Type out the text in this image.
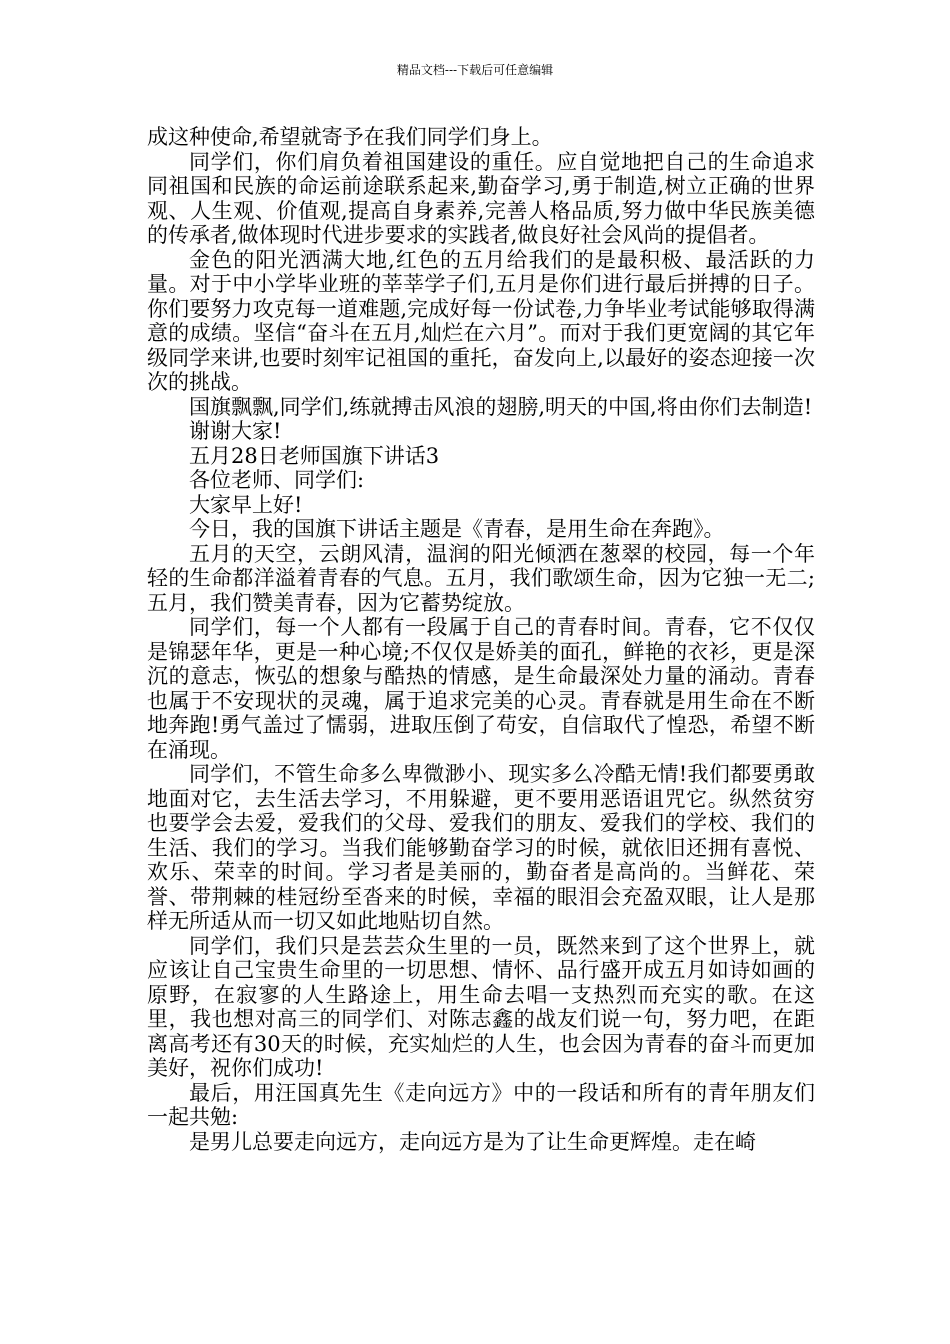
精品文档---下载后可任意编辑

成这种使命,希望就寄予在我们同学们身上。

同学们，你们肩负着祖国建设的重任。应自觉地把自己的生命追求同祖国和民族的命运前途联系起来,勤奋学习,勇于制造,树立正确的世界观、人生观、价值观,提高自身素养,完善人格品质,努力做中华民族美德的传承者,做体现时代进步要求的实践者,做良好社会风尚的提倡者。

金色的阳光洒满大地,红色的五月给我们的是最积极、最活跃的力量。对于中小学毕业班的莘莘学子们,五月是你们进行最后拼搏的日子。你们要努力攻克每一道难题,完成好每一份试卷,力争毕业考试能够取得满意的成绩。坚信“奋斗在五月,灿烂在六月”。而对于我们更宽阔的其它年级同学来讲,也要时刻牢记祖国的重托，奋发向上,以最好的姿态迎接一次次的挑战。

国旗飘飘,同学们,练就搏击风浪的翅膀,明天的中国,将由你们去制造!

谢谢大家!

五月28日老师国旗下讲话3

各位老师、同学们:

大家早上好!

今日，我的国旗下讲话主题是《青春，是用生命在奔跑》。

五月的天空，云朗风清，温润的阳光倾洒在葱翠的校园，每一个年轻的生命都洋溢着青春的气息。五月，我们歌颂生命，因为它独一无二;五月，我们赞美青春，因为它蓄势绽放。

同学们，每一个人都有一段属于自己的青春时间。青春，它不仅仅是锦瑟年华，更是一种心境;不仅仅是娇美的面孔，鲜艳的衣衫，更是深沉的意志，恢弘的想象与酷热的情感，是生命最深处力量的涌动。青春也属于不安现状的灵魂，属于追求完美的心灵。青春就是用生命在不断地奔跑!勇气盖过了懦弱，进取压倒了苟安，自信取代了惶恐，希望不断在涌现。

同学们，不管生命多么卑微渺小、现实多么冷酷无情!我们都要勇敢地面对它，去生活去学习，不用躲避，更不要用恶语诅咒它。纵然贫穷也要学会去爱，爱我们的父母、爱我们的朋友、爱我们的学校、我们的生活、我们的学习。当我们能够勤奋学习的时候，就依旧还拥有喜悦、欢乐、荣幸的时间。学习者是美丽的，勤奋者是高尚的。当鲜花、荣誉、带荆棘的桂冠纷至沓来的时候，幸福的眼泪会充盈双眼，让人是那样无所适从而一切又如此地贴切自然。

同学们，我们只是芸芸众生里的一员，既然来到了这个世界上，就应该让自己宝贵生命里的一切思想、情怀、品行盛开成五月如诗如画的原野，在寂寥的人生路途上，用生命去唱一支热烈而充实的歌。在这里，我也想对高三的同学们、对陈志鑫的战友们说一句，努力吧，在距离高考还有30天的时候，充实灿烂的人生，也会因为青春的奋斗而更加美好，祝你们成功!

最后，用汪国真先生《走向远方》中的一段话和所有的青年朋友们一起共勉:

是男儿总要走向远方，走向远方是为了让生命更辉煌。走在崎
